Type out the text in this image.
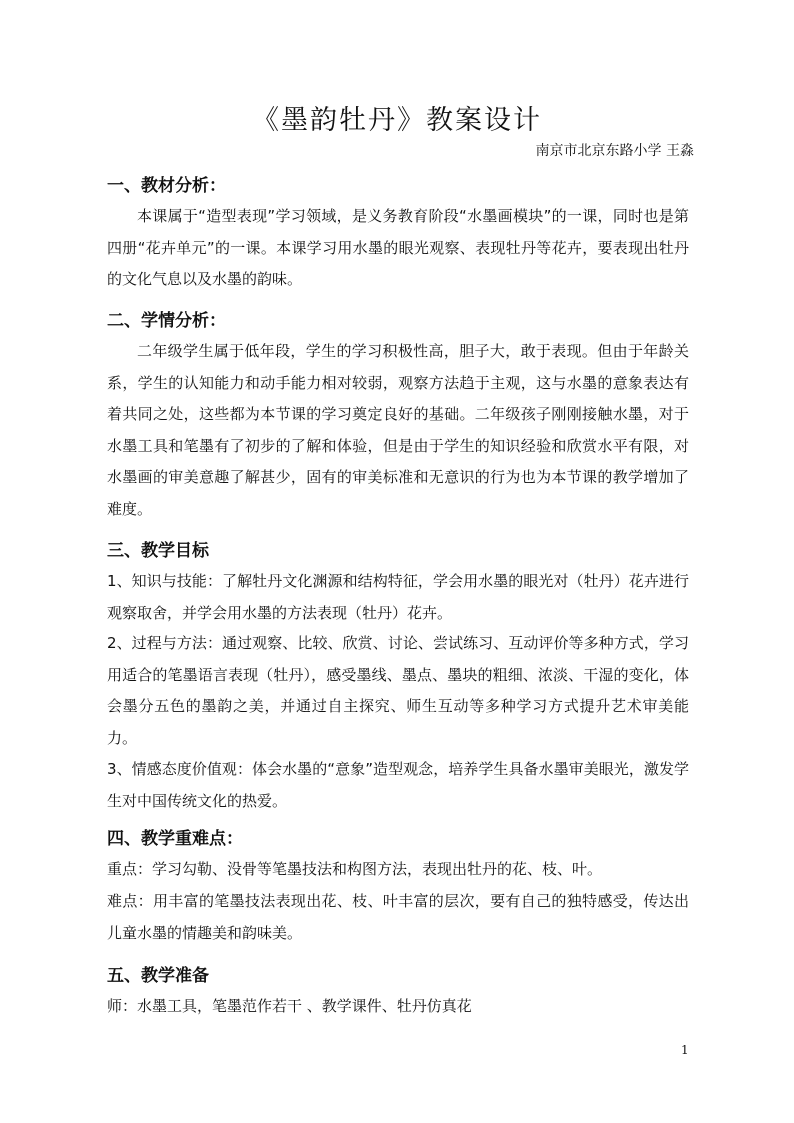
《墨韵牡丹》教案设计
南京市北京东路小学 王淼
一、教材分析：

本课属于“造型表现”学习领域，是义务教育阶段“水墨画模块”的一课，同时也是第四册“花卉单元”的一课。本课学习用水墨的眼光观察、表现牡丹等花卉，要表现出牡丹的文化气息以及水墨的韵味。

二、学情分析：

二年级学生属于低年段，学生的学习积极性高，胆子大，敢于表现。但由于年龄关系，学生的认知能力和动手能力相对较弱，观察方法趋于主观，这与水墨的意象表达有着共同之处，这些都为本节课的学习奠定良好的基础。二年级孩子刚刚接触水墨，对于水墨工具和笔墨有了初步的了解和体验，但是由于学生的知识经验和欣赏水平有限，对水墨画的审美意趣了解甚少，固有的审美标准和无意识的行为也为本节课的教学增加了难度。

三、教学目标

1、知识与技能：了解牡丹文化渊源和结构特征，学会用水墨的眼光对（牡丹）花卉进行观察取舍，并学会用水墨的方法表现（牡丹）花卉。

2、过程与方法：通过观察、比较、欣赏、讨论、尝试练习、互动评价等多种方式，学习用适合的笔墨语言表现（牡丹），感受墨线、墨点、墨块的粗细、浓淡、干湿的变化，体会墨分五色的墨韵之美，并通过自主探究、师生互动等多种学习方式提升艺术审美能力。

3、情感态度价值观：体会水墨的“意象”造型观念，培养学生具备水墨审美眼光，激发学生对中国传统文化的热爱。

四、教学重难点：

重点：学习勾勒、没骨等笔墨技法和构图方法，表现出牡丹的花、枝、叶。

难点：用丰富的笔墨技法表现出花、枝、叶丰富的层次，要有自己的独特感受，传达出儿童水墨的情趣美和韵味美。

五、教学准备

师：水墨工具，笔墨范作若干 、教学课件、牡丹仿真花

1
